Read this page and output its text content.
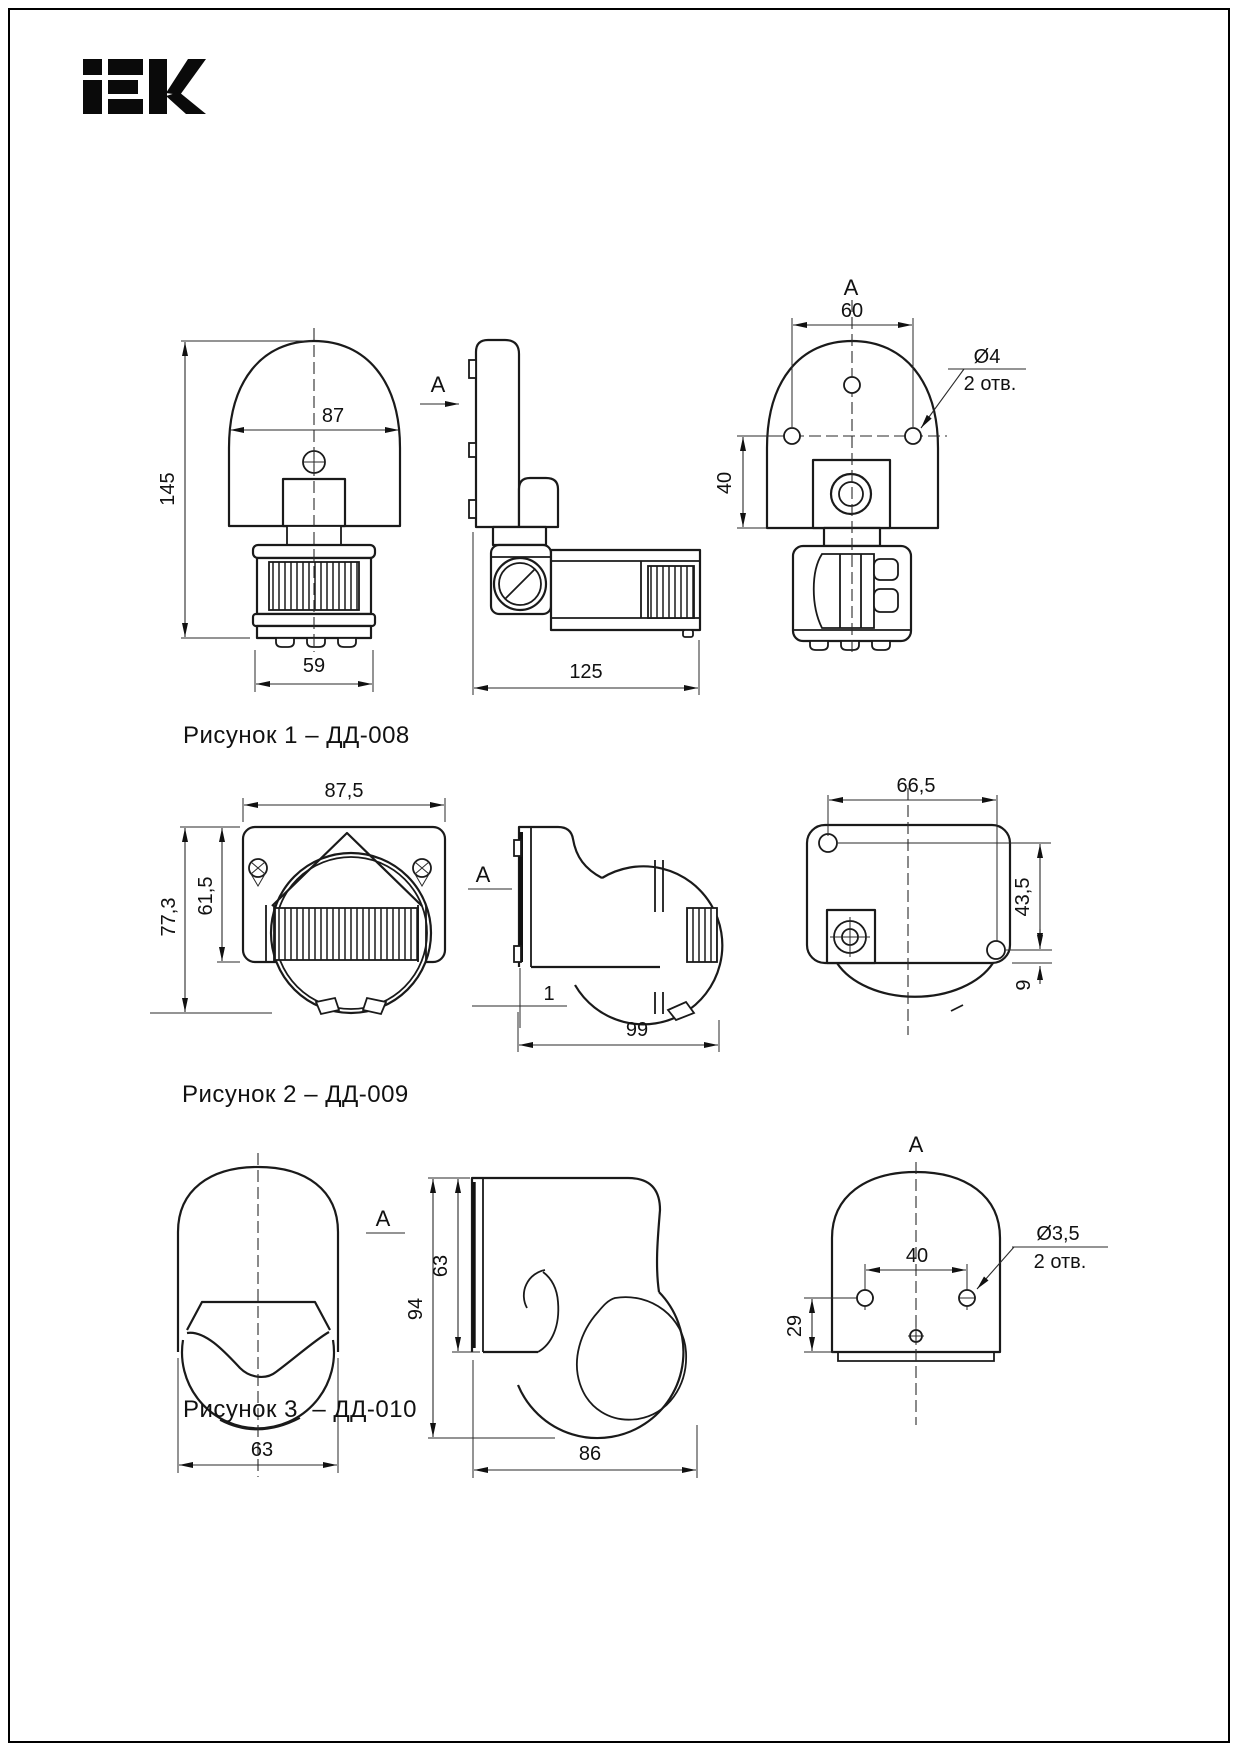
87
145
59
A
125
A
60
40
Ø4
2 отв.
87,5
61,5
77,3
A
1
99
66,5
43,5
9
63
A
94
63
86
A
40
29
Ø3,5
2 отв.
Рисунок 1 – ДД-008
Рисунок 2 – ДД-009
Рисунок 3  – ДД-010
